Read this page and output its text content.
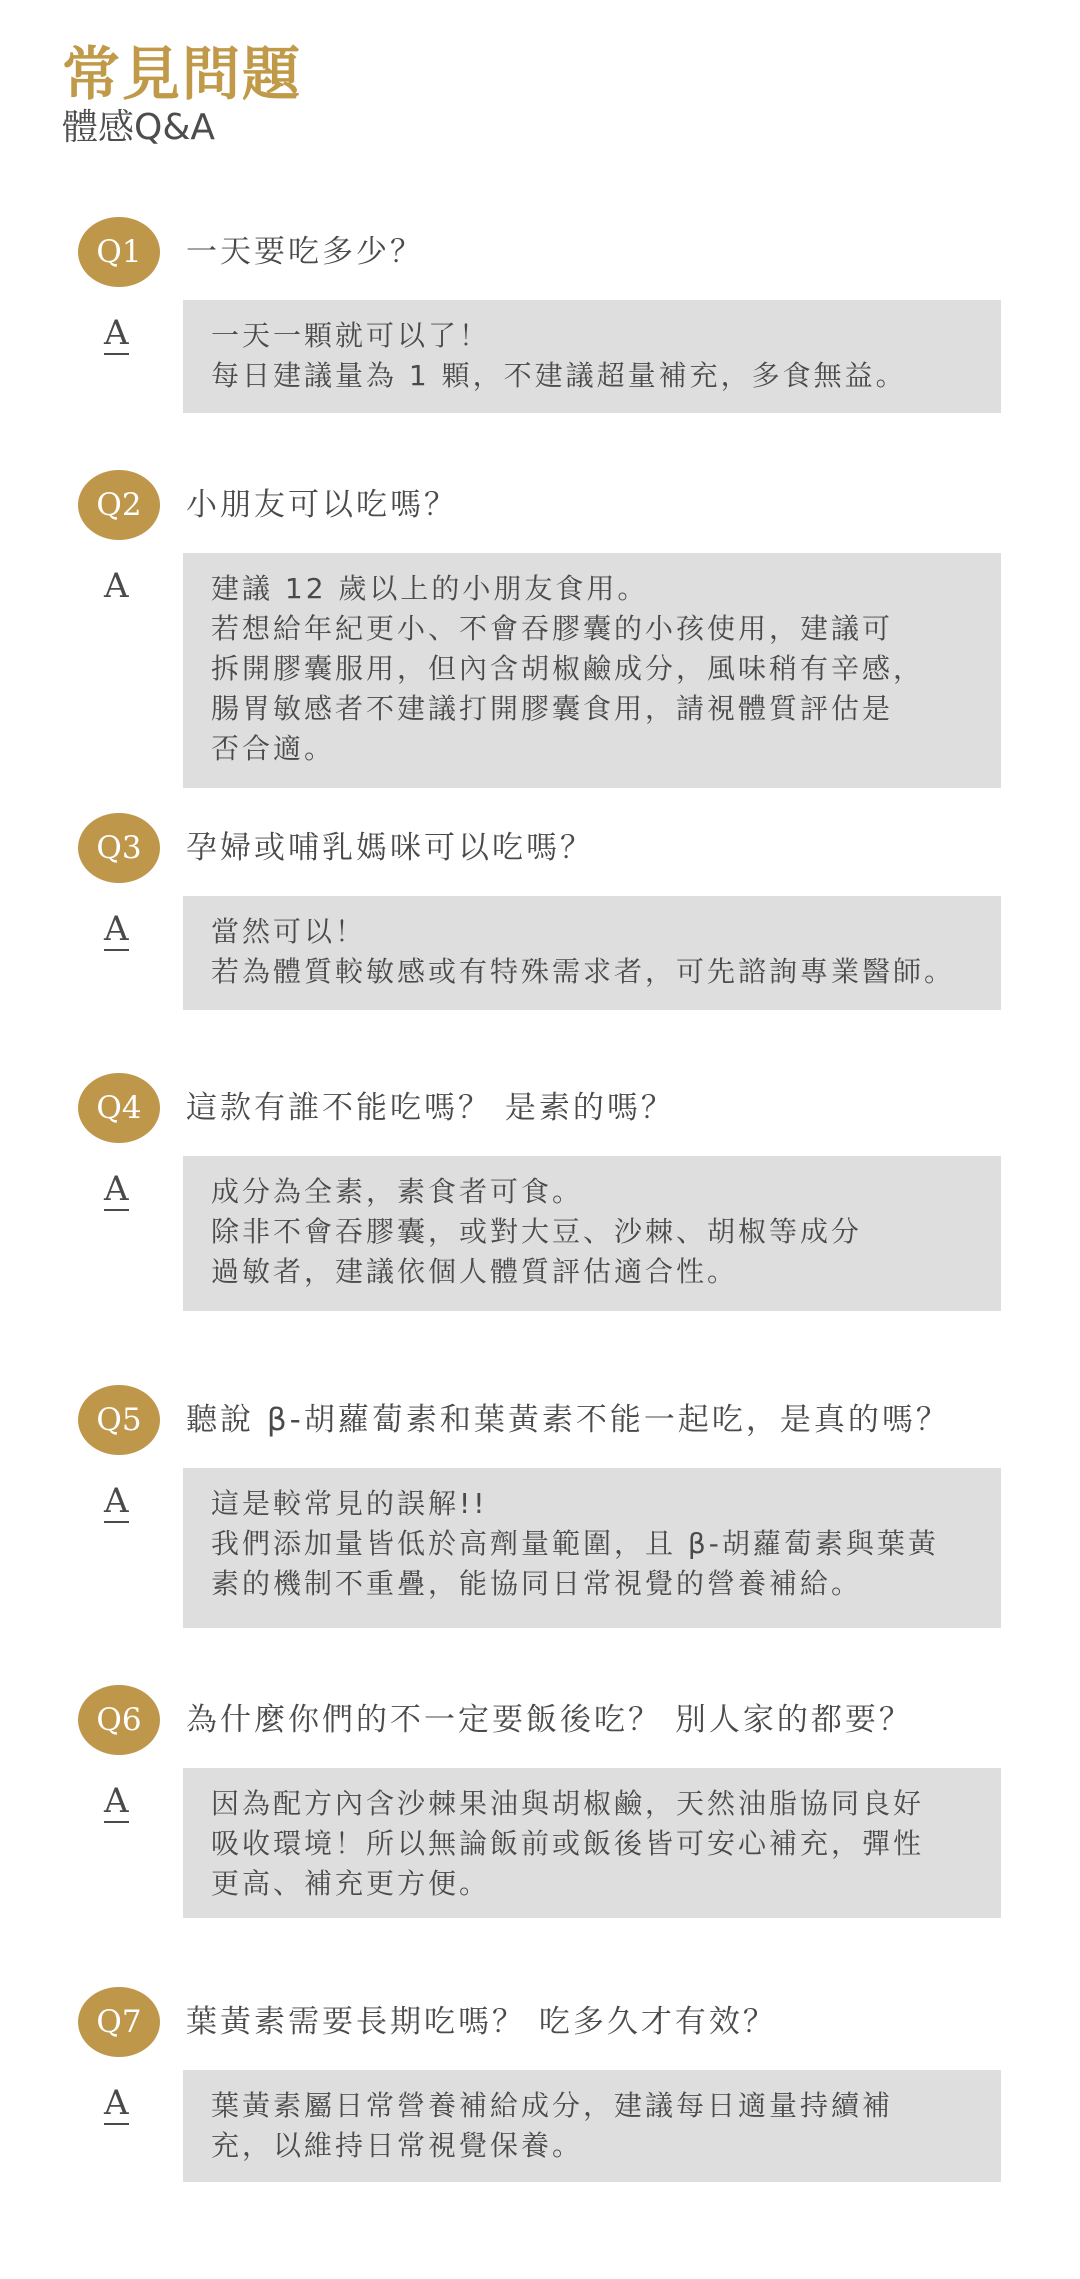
常見問題
體感Q&A
Q1	一天要吃多少？
A	一天一顆就可以了！
每日建議量為 1 顆，不建議超量補充，多食無益。
Q2	小朋友可以吃嗎？
A	建議 12 歲以上的小朋友食用。
若想給年紀更小、不會吞膠囊的小孩使用，建議可
拆開膠囊服用，但內含胡椒鹼成分，風味稍有辛感，
腸胃敏感者不建議打開膠囊食用，請視體質評估是
否合適。
Q3	孕婦或哺乳媽咪可以吃嗎？
A	當然可以！
若為體質較敏感或有特殊需求者，可先諮詢專業醫師。
Q4	這款有誰不能吃嗎？ 是素的嗎？
A	成分為全素，素食者可食。
除非不會吞膠囊，或對大豆、沙棘、胡椒等成分
過敏者，建議依個人體質評估適合性。
Q5	聽說 β-胡蘿蔔素和葉黃素不能一起吃，是真的嗎？
A	這是較常見的誤解!!
我們添加量皆低於高劑量範圍，且 β-胡蘿蔔素與葉黃
素的機制不重疊，能協同日常視覺的營養補給。
Q6	為什麼你們的不一定要飯後吃？ 別人家的都要？
A	因為配方內含沙棘果油與胡椒鹼，天然油脂協同良好
吸收環境！所以無論飯前或飯後皆可安心補充，彈性
更高、補充更方便。
Q7	葉黃素需要長期吃嗎？ 吃多久才有效？
A	葉黃素屬日常營養補給成分，建議每日適量持續補
充，以維持日常視覺保養。
